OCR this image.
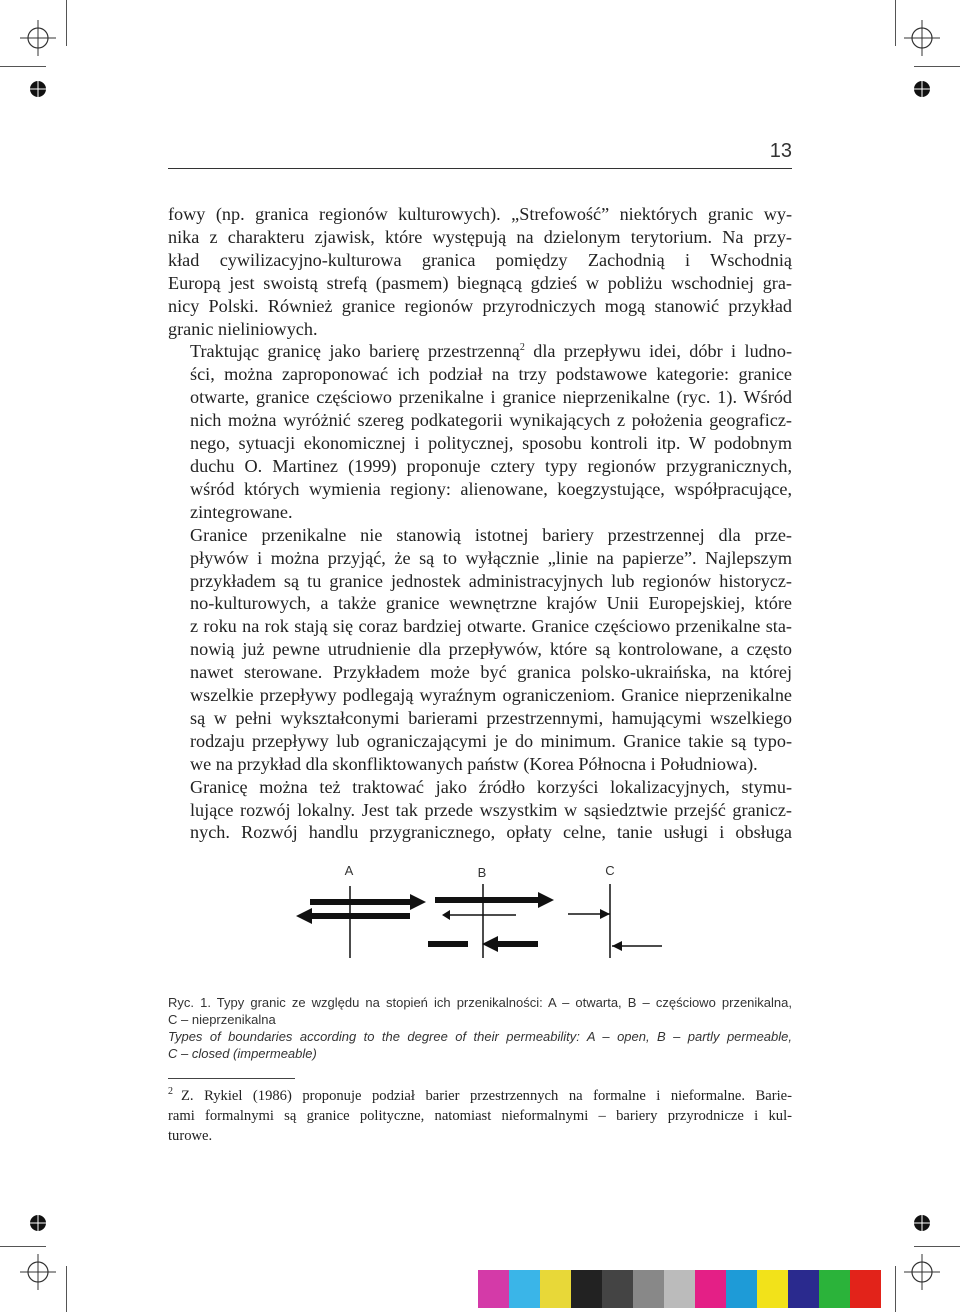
13

fowy (np. granica regionów kulturowych). „Strefowość” niektórych granic wy-
nika z charakteru zjawisk, które występują na dzielonym terytorium. Na przy-
kład cywilizacyjno-kulturowa granica pomiędzy Zachodnią i Wschodnią
Europą jest swoistą strefą (pasmem) biegnącą gdzieś w pobliżu wschodniej gra-
nicy Polski. Również granice regionów przyrodniczych mogą stanowić przykład
granic nieliniowych.

Traktując granicę jako barierę przestrzenną$^2$ dla przepływu idei, dóbr i ludno-
ści, można zaproponować ich podział na trzy podstawowe kategorie: granice
otwarte, granice częściowo przenikalne i granice nieprzenikalne (ryc. 1). Wśród
nich można wyróżnić szereg podkategorii wynikających z położenia geograficz-
nego, sytuacji ekonomicznej i politycznej, sposobu kontroli itp. W podobnym
duchu O. Martinez (1999) proponuje cztery typy regionów przygranicznych,
wśród których wymienia regiony: alienowane, koegzystujące, współpracujące,
zintegrowane.

Granice przenikalne nie stanowią istotnej bariery przestrzennej dla prze-
pływów i można przyjąć, że są to wyłącznie „linie na papierze”. Najlepszym
przykładem są tu granice jednostek administracyjnych lub regionów historycz-
no-kulturowych, a także granice wewnętrzne krajów Unii Europejskiej, które
z roku na rok stają się coraz bardziej otwarte. Granice częściowo przenikalne sta-
nowią już pewne utrudnienie dla przepływów, które są kontrolowane, a często
nawet sterowane. Przykładem może być granica polsko-ukraińska, na której
wszelkie przepływy podlegają wyraźnym ograniczeniom. Granice nieprzenikalne
są w pełni wykształconymi barierami przestrzennymi, hamującymi wszelkiego
rodzaju przepływy lub ograniczającymi je do minimum. Granice takie są typo-
we na przykład dla skonfliktowanych państw (Korea Północna i Południowa).

Granicę można też traktować jako źródło korzyści lokalizacyjnych, stymu-
lujące rozwój lokalny. Jest tak przede wszystkim w sąsiedztwie przejść granicz-
nych. Rozwój handlu przygranicznego, opłaty celne, tanie usługi i obsługa

A	B	C
Ryc. 1. Typy granic ze względu na stopień ich przenikalności: A – otwarta, B – częściowo przenikalna,
C – nieprzenikalna
Types of boundaries according to the degree of their permeability: A – open, B – partly permeable,
C – closed (impermeable)
$^2$ Z. Rykiel (1986) proponuje podział barier przestrzennych na formalne i nieformalne. Barie-
rami formalnymi są granice polityczne, natomiast nieformalnymi – bariery przyrodnicze i kul-
turowe.
